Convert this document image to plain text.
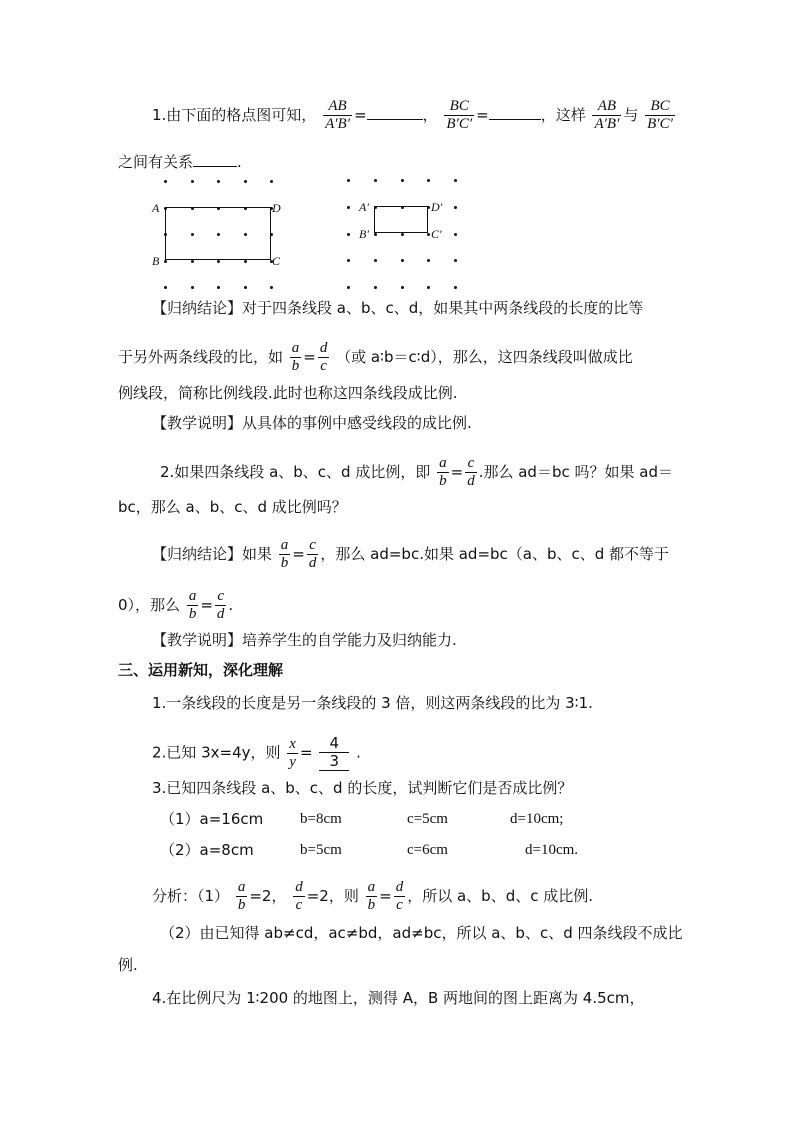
1.由下面的格点图可知， $\frac{AB}{A'B'}$ =	， $\frac{BC}{B'C'}$ =	，这样 $\frac{AB}{A'B'}$ 与 $\frac{BC}{B'C'}$
之间有关系	.
A	D
B	C
A′	D′
B′	C′
【归纳结论】对于四条线段 a、b、c、d，如果其中两条线段的长度的比等
于另外两条线段的比，如 $\frac{a}{b} = \frac{d}{c}$ （或 a∶b＝c∶d），那么，这四条线段叫做成比
例线段，简称比例线段.此时也称这四条线段成比例.
【教学说明】从具体的事例中感受线段的成比例.
2.如果四条线段 a、b、c、d 成比例，即 $\frac{a}{b} = \frac{c}{d}$ .那么 ad＝bc 吗？如果 ad＝
bc，那么 a、b、c、d 成比例吗？
【归纳结论】如果 $\frac{a}{b} = \frac{c}{d}$ ，那么 ad=bc.如果 ad=bc（a、b、c、d 都不等于
0），那么 $\frac{a}{b} = \frac{c}{d}$ .
【教学说明】培养学生的自学能力及归纳能力.
三、运用新知，深化理解
1.一条线段的长度是另一条线段的 3 倍，则这两条线段的比为 3∶1.
2.已知 3x=4y，则 $\frac{x}{y} = \frac{4}{3}$ .
3.已知四条线段 a、b、c、d 的长度，试判断它们是否成比例？
（1）a=16cm b=8cm	c=5cm	d=10cm;
（2）a=8cm	b=5cm	c=6cm	d=10cm.
分析：$(1) \frac{a}{b} =2$， $\frac{d}{c} =2$，则 $\frac{a}{b} = \frac{d}{c}$ ，所以 a、b、d、c 成比例.
（2）由已知得 ab≠cd，ac≠bd，ad≠bc，所以 a、b、c、d 四条线段不成比
例.
4.在比例尺为 1∶200 的地图上，测得 A，B 两地间的图上距离为 4.5cm，
